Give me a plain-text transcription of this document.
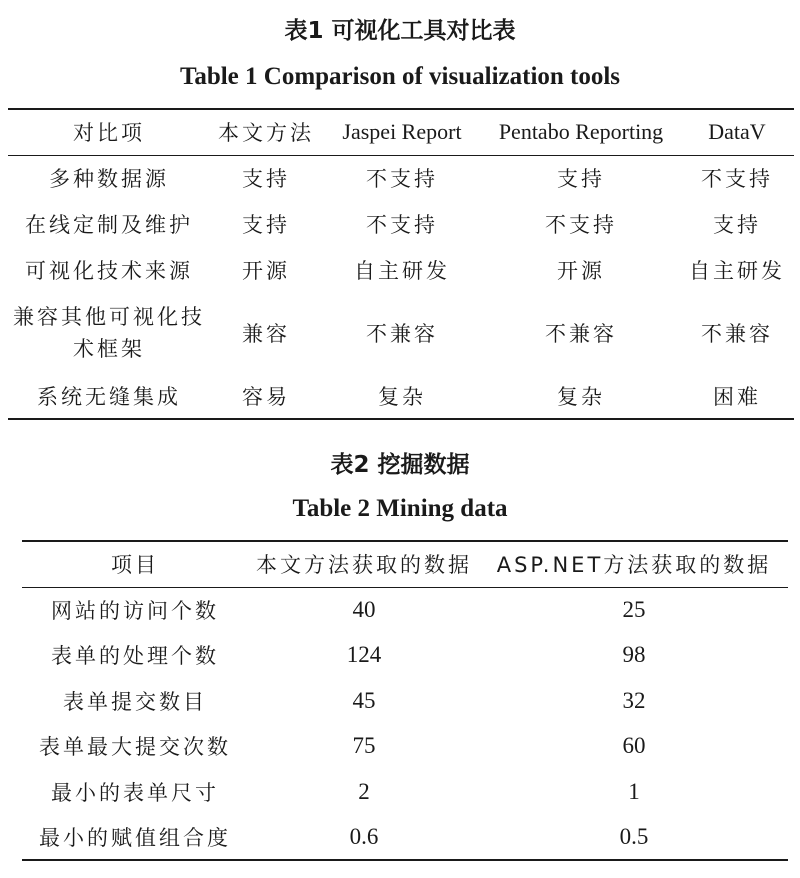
表1 可视化工具对比表
Table 1 Comparison of visualization tools
对比项	本文方法	Jaspei Report	Pentabo Reporting	DataV
多种数据源	支持	不支持	支持	不支持
在线定制及维护	支持	不支持	不支持	支持
可视化技术来源	开源	自主研发	开源	自主研发
兼容其他可视化技术框架	兼容	不兼容	不兼容	不兼容
系统无缝集成	容易	复杂	复杂	困难
表2 挖掘数据
Table 2 Mining data
项目	本文方法获取的数据	ASP.NET方法获取的数据
网站的访问个数	40	25
表单的处理个数	124	98
表单提交数目	45	32
表单最大提交次数	75	60
最小的表单尺寸	2	1
最小的赋值组合度	0.6	0.5
